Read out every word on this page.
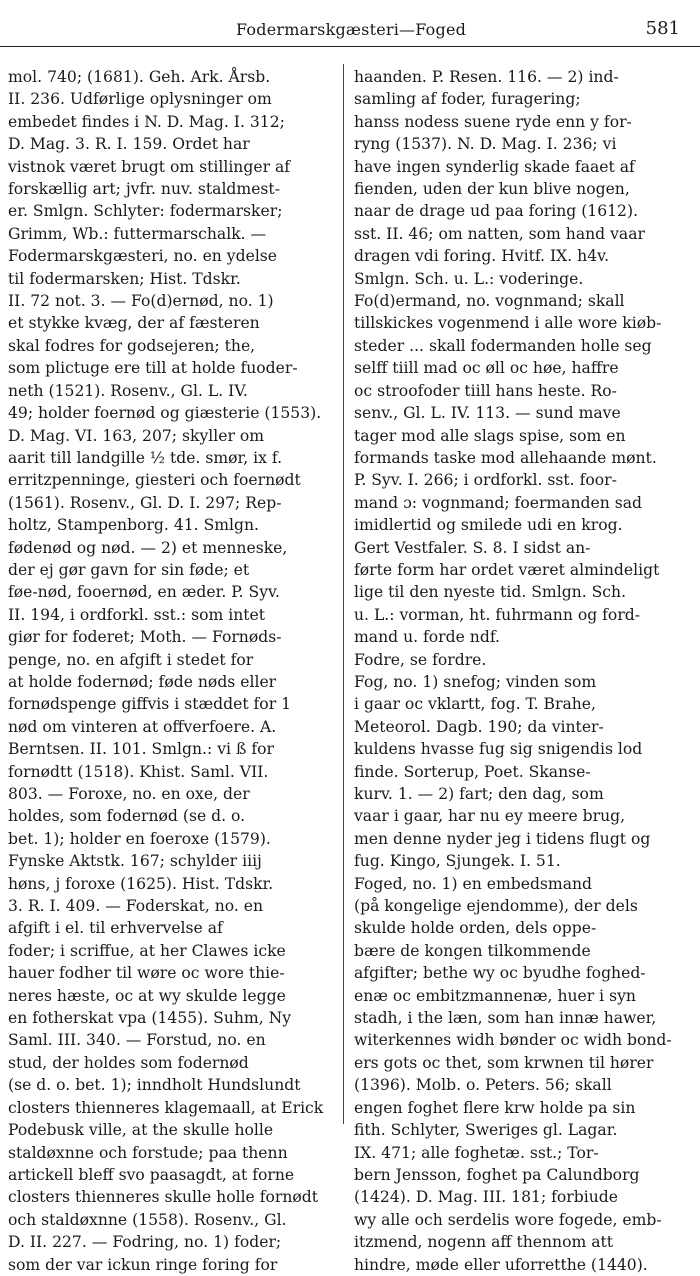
Fodermarskgæsteri—Foged	581
mol. 740; (1681). Geh. Ark. Årsb.
II. 236. Udførlige oplysninger om
embedet findes i N. D. Mag. I. 312;
D. Mag. 3. R. I. 159. Ordet har
vistnok været brugt om stillinger af
forskællig art; jvfr. nuv. staldmest-
er. Smlgn. Schlyter: fodermarsker;
Grimm, Wb.: futtermarschalk. —
Fodermarskgæsteri, no. en ydelse
til fodermarsken; Hist. Tdskr.
II. 72 not. 3. — Fo(d)ernød, no. 1)
et stykke kvæg, der af fæsteren
skal fodres for godsejeren; the,
som plictuge ere till at holde fuoder-
neth (1521). Rosenv., Gl. L. IV.
49; holder foernød og giæsterie (1553).
D. Mag. VI. 163, 207; skyller om
aarit till landgille ½ tde. smør, ix f.
erritzpenninge, giesteri och foernødt
(1561). Rosenv., Gl. D. I. 297; Rep-
holtz, Stampenborg. 41. Smlgn.
fødenød og nød. — 2) et menneske,
der ej gør gavn for sin føde; et
føe-nød, fooernød, en æder. P. Syv.
II. 194, i ordforkl. sst.: som intet
giør for foderet; Moth. — Fornøds-
penge, no. en afgift i stedet for
at holde fodernød; føde nøds eller
fornødspenge giffvis i stæddet for 1
nød om vinteren at offverfoere. A.
Berntsen. II. 101. Smlgn.: vi ß for
fornødtt (1518). Khist. Saml. VII.
803. — Foroxe, no. en oxe, der
holdes, som fodernød (se d. o.
bet. 1); holder en foeroxe (1579).
Fynske Aktstk. 167; schylder iiij
høns, j foroxe (1625). Hist. Tdskr.
3. R. I. 409. — Foderskat, no. en
afgift i el. til erhvervelse af
foder; i scriffue, at her Clawes icke
hauer fodher til wøre oc wore thie-
neres hæste, oc at wy skulde legge
en fotherskat vpa (1455). Suhm, Ny
Saml. III. 340. — Forstud, no. en
stud, der holdes som fodernød
(se d. o. bet. 1); inndholt Hundslundt
closters thienneres klagemaall, at Erick
Podebusk ville, at the skulle holle
staldøxnne och forstude; paa thenn
artickell bleff svo paasagdt, at forne
closters thienneres skulle holle fornødt
och staldøxnne (1558). Rosenv., Gl.
D. II. 227. — Fodring, no. 1) foder;
som der var ickun ringe foring for
haanden. P. Resen. 116. — 2) ind-
samling af foder, furagering;
hanss nodess suene ryde enn y for-
ryng (1537). N. D. Mag. I. 236; vi
have ingen synderlig skade faaet af
fienden, uden der kun blive nogen,
naar de drage ud paa foring (1612).
sst. II. 46; om natten, som hand vaar
dragen vdi foring. Hvitf. IX. h4v.
Smlgn. Sch. u. L.: voderinge.
Fo(d)ermand, no. vognmand; skall
tillskickes vogenmend i alle wore kiøb-
steder ... skall fodermanden holle seg
selff tiill mad oc øll oc høe, haffre
oc stroofoder tiill hans heste. Ro-
senv., Gl. L. IV. 113. — sund mave
tager mod alle slags spise, som en
formands taske mod allehaande mønt.
P. Syv. I. 266; i ordforkl. sst. foor-
mand ɔ: vognmand; foermanden sad
imidlertid og smilede udi en krog.
Gert Vestfaler. S. 8. I sidst an-
førte form har ordet været almindeligt
lige til den nyeste tid. Smlgn. Sch.
u. L.: vorman, ht. fuhrmann og ford-
mand u. forde ndf.
Fodre, se fordre.
Fog, no. 1) snefog; vinden som
i gaar oc vklartt, fog. T. Brahe,
Meteorol. Dagb. 190; da vinter-
kuldens hvasse fug sig snigendis lod
finde. Sorterup, Poet. Skanse-
kurv. 1. — 2) fart; den dag, som
vaar i gaar, har nu ey meere brug,
men denne nyder jeg i tidens flugt og
fug. Kingo, Sjungek. I. 51.
Foged, no. 1) en embedsmand
(på kongelige ejendomme), der dels
skulde holde orden, dels oppe-
bære de kongen tilkommende
afgifter; bethe wy oc byudhe foghed-
enæ oc embitzmannenæ, huer i syn
stadh, i the læn, som han innæ hawer,
witerkennes widh bønder oc widh bond-
ers gots oc thet, som krwnen til hører
(1396). Molb. o. Peters. 56; skall
engen foghet flere krw holde pa sin
fith. Schlyter, Sweriges gl. Lagar.
IX. 471; alle foghetæ. sst.; Tor-
bern Jensson, foghet pa Calundborg
(1424). D. Mag. III. 181; forbiude
wy alle och serdelis wore fogede, emb-
itzmend, nogenn aff thennom att
hindre, møde eller uforretthe (1440).
